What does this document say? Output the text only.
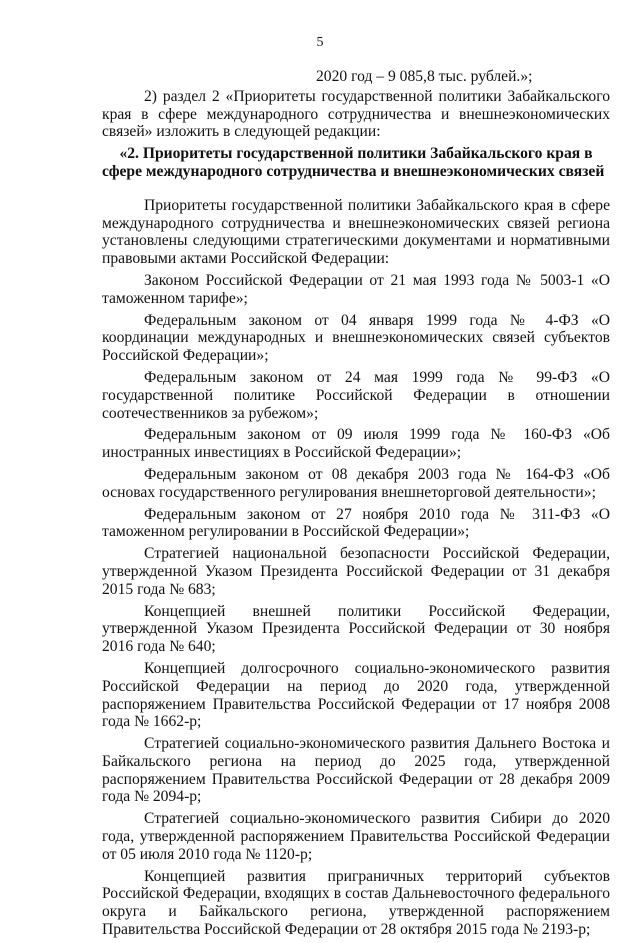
5

2020 год – 9 085,8 тыс. рублей.»;

2) раздел 2 «Приоритеты государственной политики Забайкальского края в сфере международного сотрудничества и внешнеэкономических связей» изложить в следующей редакции:

«2. Приоритеты государственной политики Забайкальского края в сфере международного сотрудничества и внешнеэкономических связей

Приоритеты государственной политики Забайкальского края в сфере международного сотрудничества и внешнеэкономических связей региона установлены следующими стратегическими документами и нормативными правовыми актами Российской Федерации:

Законом Российской Федерации от 21 мая 1993 года № 5003-1 «О таможенном тарифе»;

Федеральным законом от 04 января 1999 года № 4-ФЗ «О координации международных и внешнеэкономических связей субъектов Российской Федерации»;

Федеральным законом от 24 мая 1999 года № 99-ФЗ «О государственной политике Российской Федерации в отношении соотечественников за рубежом»;

Федеральным законом от 09 июля 1999 года № 160-ФЗ «Об иностранных инвестициях в Российской Федерации»;

Федеральным законом от 08 декабря 2003 года № 164-ФЗ «Об основах государственного регулирования внешнеторговой деятельности»;

Федеральным законом от 27 ноября 2010 года № 311-ФЗ «О таможенном регулировании в Российской Федерации»;

Стратегией национальной безопасности Российской Федерации, утвержденной Указом Президента Российской Федерации от 31 декабря 2015 года № 683;

Концепцией внешней политики Российской Федерации, утвержденной Указом Президента Российской Федерации от 30 ноября 2016 года № 640;

Концепцией долгосрочного социально-экономического развития Российской Федерации на период до 2020 года, утвержденной распоряжением Правительства Российской Федерации от 17 ноября 2008 года № 1662-р;

Стратегией социально-экономического развития Дальнего Востока и Байкальского региона на период до 2025 года, утвержденной распоряжением Правительства Российской Федерации от 28 декабря 2009 года № 2094-р;

Стратегией социально-экономического развития Сибири до 2020 года, утвержденной распоряжением Правительства Российской Федерации от 05 июля 2010 года № 1120-р;

Концепцией развития приграничных территорий субъектов Российской Федерации, входящих в состав Дальневосточного федерального округа и Байкальского региона, утвержденной распоряжением Правительства Российской Федерации от 28 октября 2015 года № 2193-р;
